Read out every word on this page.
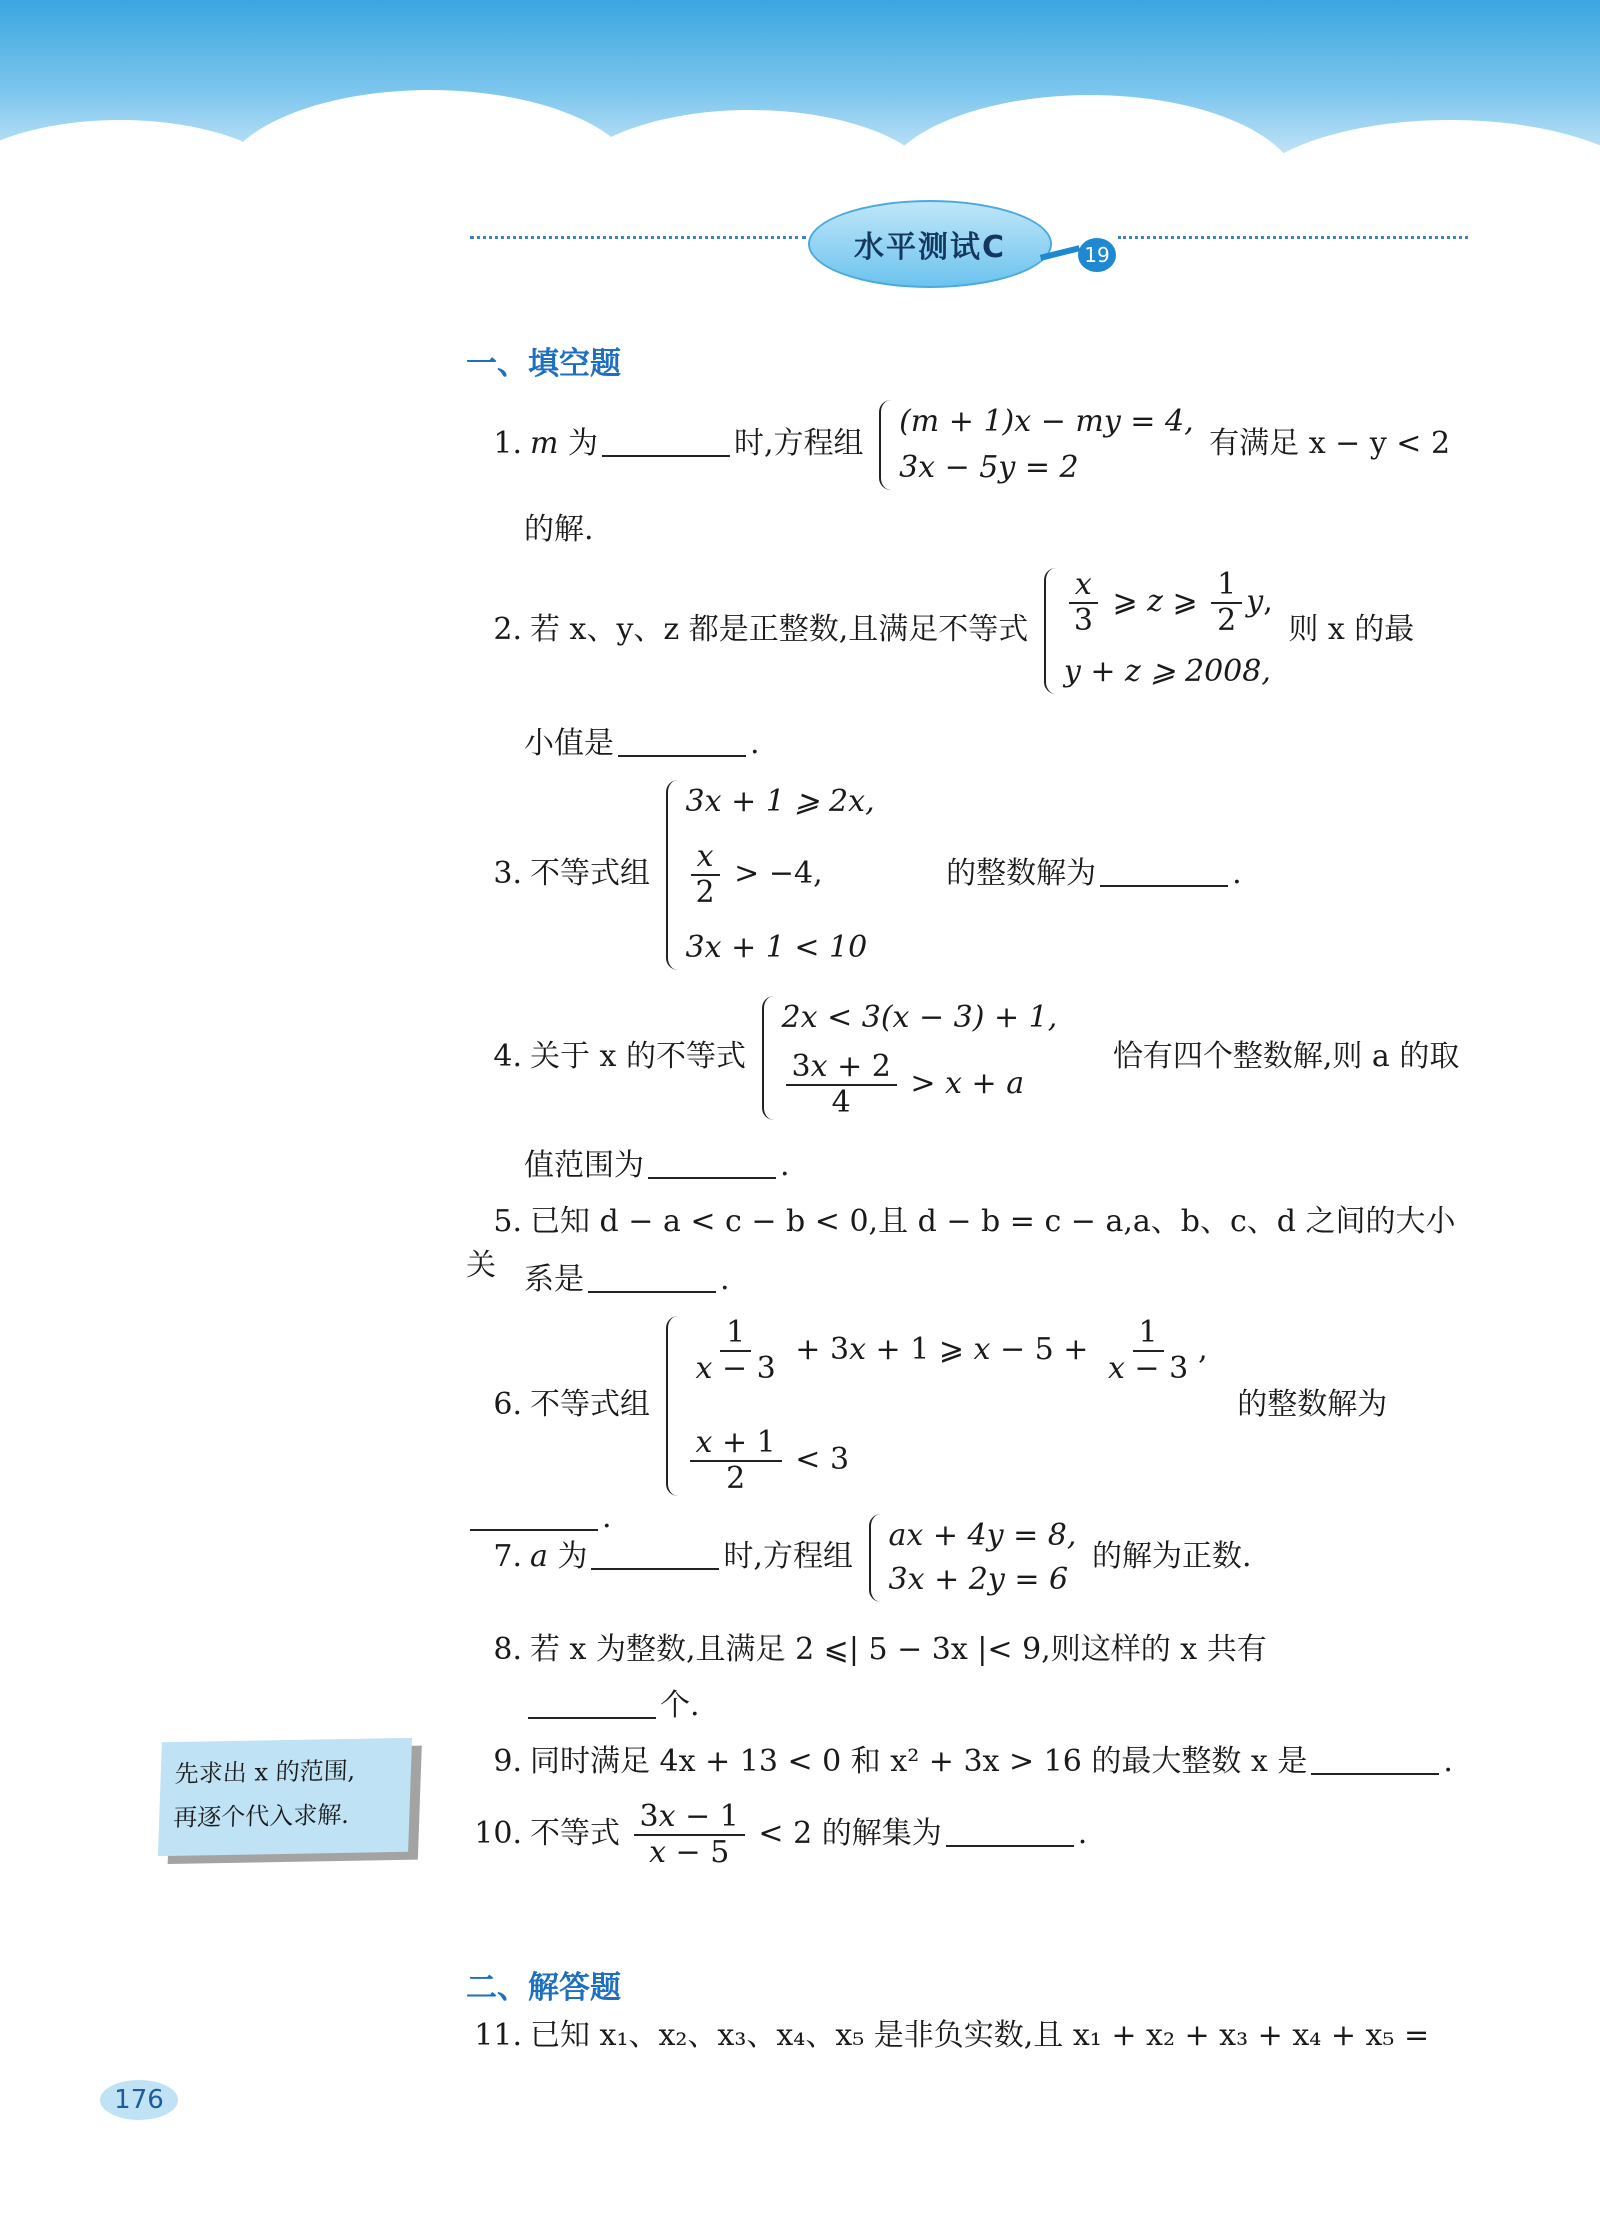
水平测试C	19
一、填空题
1. m 为	时,方程组
(m + 1)x − my = 4,
3x − 5y = 2
有满足 x − y < 2
的解.
2. 若 x、y、z 都是正整数,且满足不等式 $\frac{x}{3}$ ⩾ z ⩾ $\frac{1}{2} y$,
y + z ⩾ 2008,
则 x 的最
小值是	.
3. 不等式组
3x + 1 ⩾ 2x,
$\frac{x}{2} > -4$,
3x + 1 < 10
的整数解为	.
4. 关于 x 的不等式
2x < 3(x − 3) + 1,
$\frac{3x + 2}{4} > x + a$
恰有四个整数解,则 a 的取
值范围为	.
5. 已知 d − a < c − b < 0,且 d − b = c − a,a、b、c、d 之间的大小关 系是	.
6. 不等式组
$\frac{1}{x - 3} + 3x + 1$ ⩾ $x - 5 + \frac{1}{x - 3}$ ,
$\frac{x + 1}{2} < 3$
的整数解为.
7. a 为	时,方程组
ax + 4y = 8,
3x + 2y = 6
的解为正数.
8. 若 x 为整数,且满足 2 ⩽| 5 − 3x |< 9,则这样的 x 共有
个.
9. 同时满足 4x + 13 < 0 和 x² + 3x > 16 的最大整数 x 是	.
10. 不等式 $\frac{3x - 1}{x - 5} < 2$ 的解集为	.
二、解答题
11. 已知 x₁、x₂、x₃、x₄、x₅ 是非负实数,且 x₁ + x₂ + x₃ + x₄ + x₅ =
先求出 x 的范围,
再逐个代入求解.
176
